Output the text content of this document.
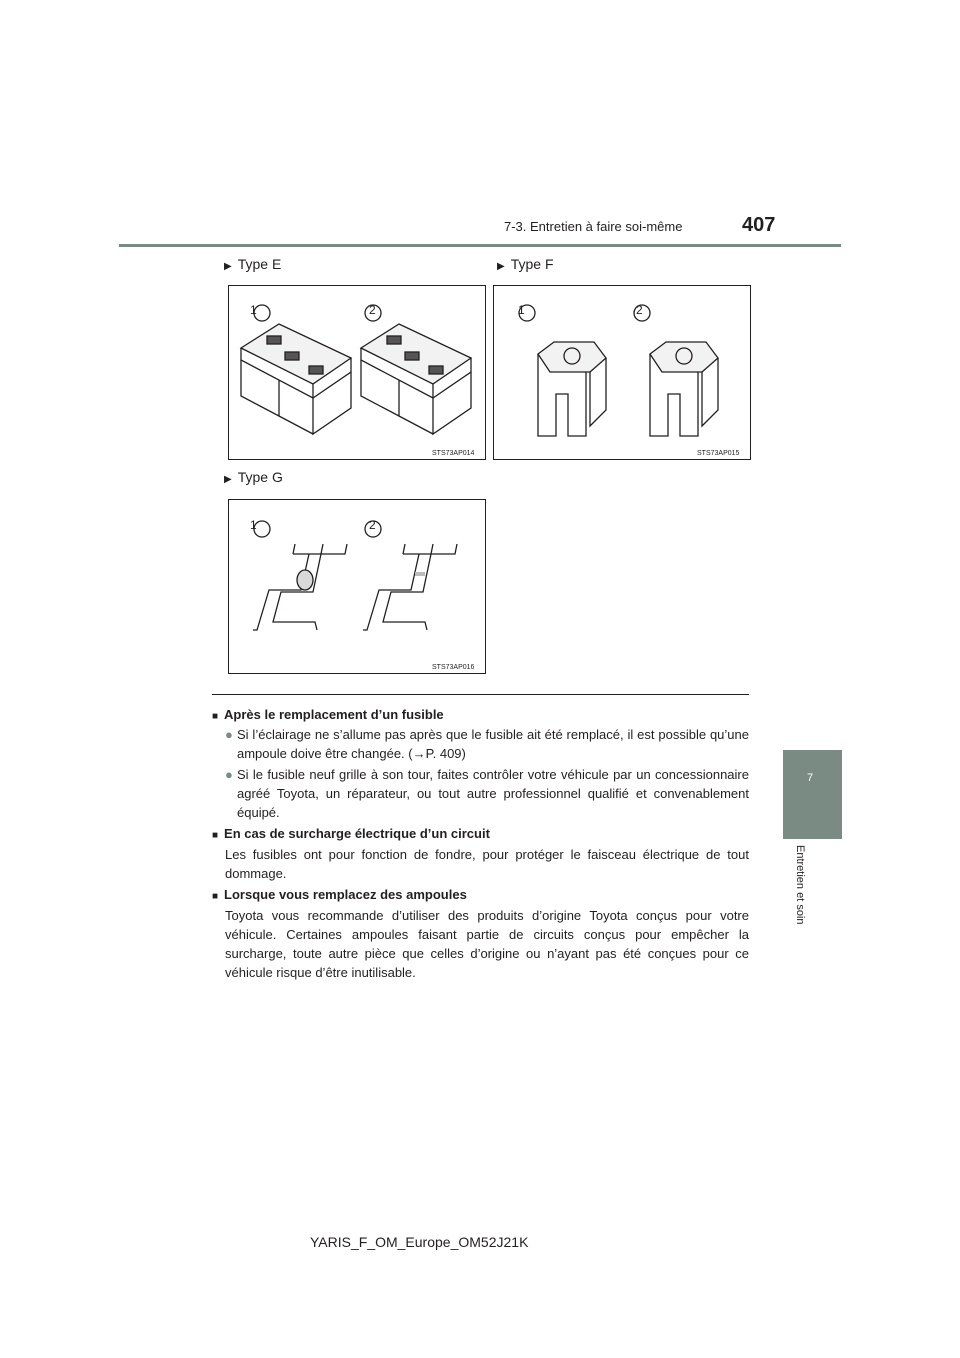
7-3. Entretien à faire soi-même	407
7
Entretien et soin
▶ Type E	▶ Type F
▶ Type G
1	2
STS73AP014
1	2
STS73AP015
1	2
STS73AP016
■ Après le remplacement d’un fusible
● Si l’éclairage ne s’allume pas après que le fusible ait été remplacé, il est possible qu’une ampoule doive être changée. (→P. 409)
● Si le fusible neuf grille à son tour, faites contrôler votre véhicule par un concessionnaire agréé Toyota, un réparateur, ou tout autre professionnel qualifié et convenablement équipé.
■ En cas de surcharge électrique d’un circuit
Les fusibles ont pour fonction de fondre, pour protéger le faisceau électrique de tout dommage.
■ Lorsque vous remplacez des ampoules
Toyota vous recommande d’utiliser des produits d’origine Toyota conçus pour votre véhicule. Certaines ampoules faisant partie de circuits conçus pour empêcher la surcharge, toute autre pièce que celles d’origine ou n’ayant pas été conçues pour ce véhicule risque d’être inutilisable.
YARIS_F_OM_Europe_OM52J21K
